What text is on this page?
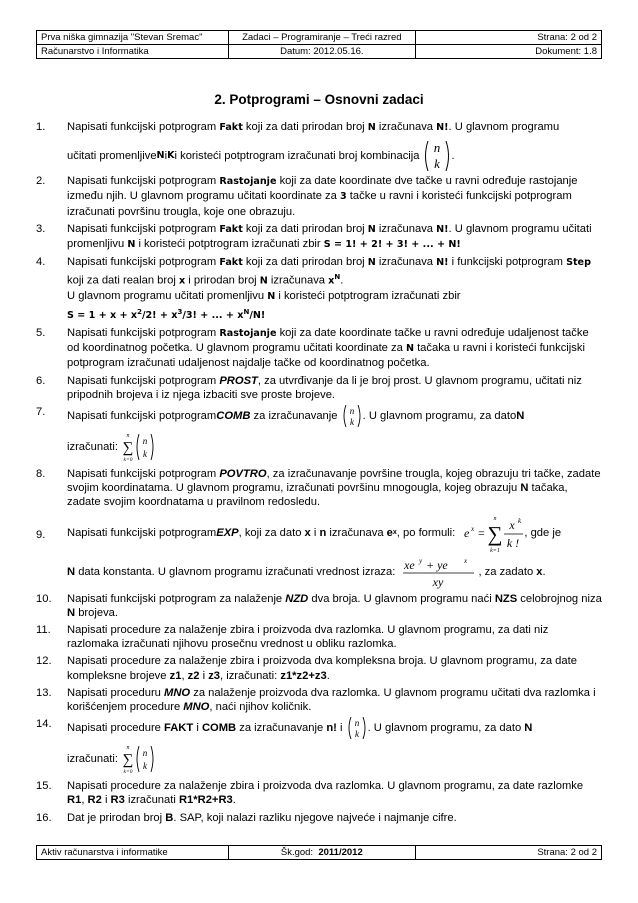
Prva niška gimnazija "Stevan Sremac"	Zadaci – Programiranje – Treći razred	Strana: 2 od 2
Računarstvo i Informatika	Datum: 2012.05.16.	Dokument: 1.8
2. Potprogrami – Osnovni zadaci
1. Napisati funkcijski potprogram Fakt koji za dati prirodan broj N izračunava N!. U glavnom programu
učitati promenljive N i K i koristeći potptrogram izračunati broj kombinacija
n
k
.
2. Napisati funkcijski potprogram Rastojanje koji za date koordinate dve tačke u ravni određuje rastojanje između njih. U glavnom programu učitati koordinate za 3 tačke u ravni i koristeći funkcijski potprogram izračunati površinu trougla, koje one obrazuju.
3. Napisati funkcijski potprogram Fakt koji za dati prirodan broj N izračunava N!. U glavnom programu učitati promenljivu N i koristeći potptrogram izračunati zbir S = 1! + 2! + 3! + ... + N!
4. Napisati funkcijski potprogram Fakt koji za dati prirodan broj N izračunava N! i funkcijski potprogram Step koji za dati realan broj x i prirodan broj N izračunava $x^N$.
U glavnom programu učitati promenljivu N i koristeći potptrogram izračunati zbir
$S = 1 + x + x^2/2$! + $x^3/3$! + ... + $x^N/N$!
5. Napisati funkcijski potprogram Rastojanje koji za date koordinate tačke u ravni određuje udaljenost tačke od koordinatnog početka. U glavnom programu učitati koordinate za N tačaka u ravni i koristeći funkcijski potprogram izračunati udaljenost najdalje tačke od koordinatnog početka.
6. Napisati funkcijski potprogram PROST, za utvrđivanje da li je broj prost. U glavnom programu, učitati niz pripodnih brojeva i iz njega izbaciti sve proste brojeve.
7. Napisati funkcijski potprogram COMB za izračunavanje n
k
. U glavnom programu, za dato N
izračunati:
n
∑
k=0
n
k
8. Napisati funkcijski potprogram POVTRO, za izračunavanje površine trougla, kojeg obrazuju tri tačke, zadate svojim koordinatama. U glavnom programu, izračunati površinu mnogougla, kojeg obrazuju N tačaka, zadate svojim koordnatama u pravilnom redosledu.
9. Napisati funkcijski potprogram EXP , koji za dato x i n izračunava e x , po formuli: e x =
n
∑
k=1
x k
k !
, gde je
N data konstanta. U glavnom programu izračunati vrednost izraza:
xe y + ye x
xy
, za zadato x .
10. Napisati funkcijski potprogram za nalaženje NZD dva broja. U glavnom programu naći NZS celobrojnog niza N brojeva.
11. Napisati procedure za nalaženje zbira i proizvoda dva razlomka. U glavnom programu, za dati niz razlomaka izračunati njihovu prosečnu vrednost u obliku razlomka.
12. Napisati procedure za nalaženje zbira i proizvoda dva kompleksna broja. U glavnom programu, za date kompleksne brojeve z1, z2 i z3, izračunati: z1*z2+z3.
13. Napisati proceduru MNO za nalaženje proizvoda dva razlomka. U glavnom programu učitati dva razlomka i korišćenjem procedure MNO, naći njihov količnik.
14. Napisati procedure FAKT i COMB za izračunavanje n! i n
k
. U glavnom programu, za dato N
izračunati:
n
∑
k=0
n
k
15. Napisati procedure za nalaženje zbira i proizvoda dva razlomka. U glavnom programu, za date razlomke R1, R2 i R3 izračunati R1*R2+R3.
16. Dat je prirodan broj B. SAP, koji nalazi razliku njegove najveće i najmanje cifre.
Aktiv računarstva i informatike	Šk.god:  2011/2012	Strana: 2 od 2
